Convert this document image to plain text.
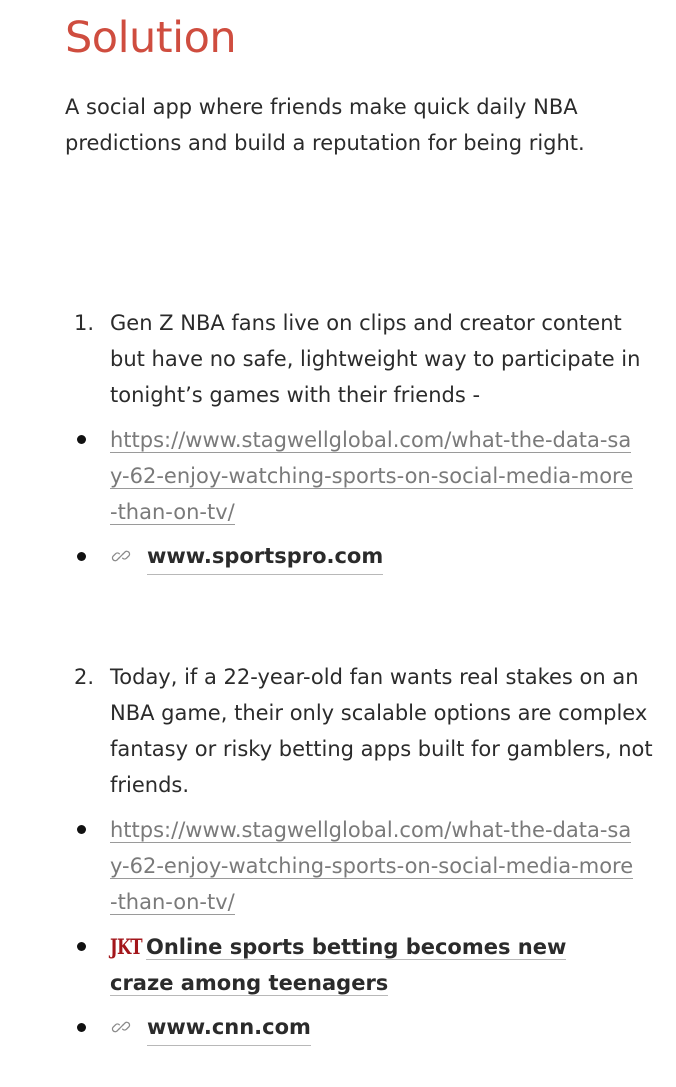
Solution

A social app where friends make quick daily NBA predictions and build a reputation for being right.

1. Gen Z NBA fans live on clips and creator content but have no safe, lightweight way to participate in tonight’s games with their friends -

https://www.stagwellglobal.com/what-the-data-say-62-enjoy-watching-sports-on-social-media-more-than-on-tv/

www.sportspro.com
2. Today, if a 22-year-old fan wants real stakes on an NBA game, their only scalable options are complex fantasy or risky betting apps built for gamblers, not friends.

https://www.stagwellglobal.com/what-the-data-say-62-enjoy-watching-sports-on-social-media-more-than-on-tv/

JKT Online sports betting becomes new craze among teenagers

www.cnn.com
